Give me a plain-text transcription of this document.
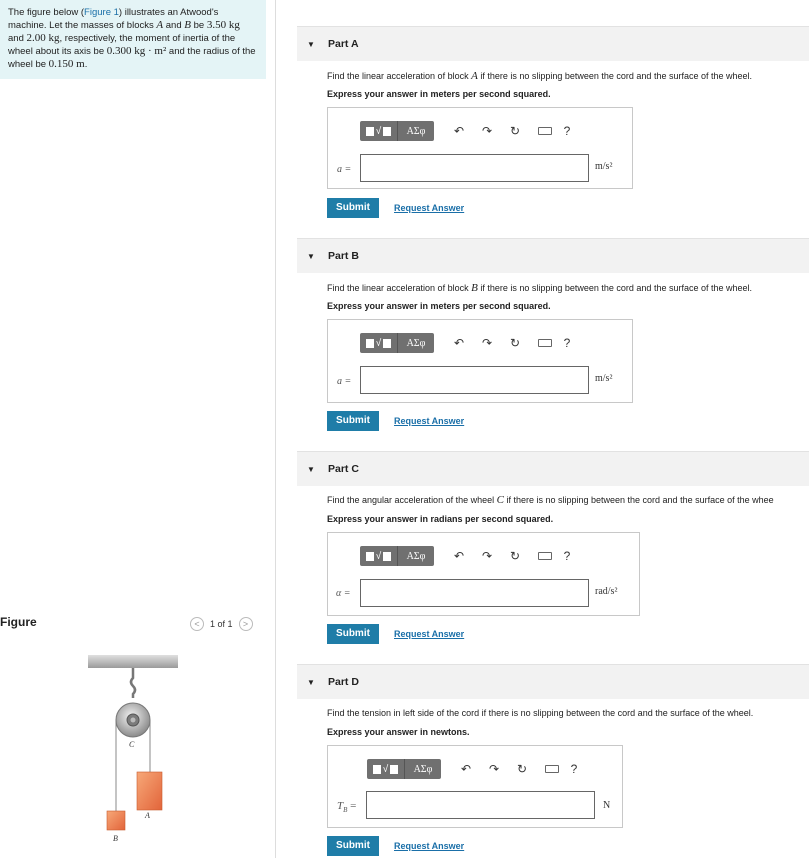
The figure below (Figure 1) illustrates an Atwood's machine. Let the masses of blocks A and B be 3.50 kg and 2.00 kg, respectively, the moment of inertia of the wheel about its axis be 0.300 kg · m² and the radius of the wheel be 0.150 m.
Figure	<	1 of 1	>
C
A
B
▼ Part A
Find the linear acceleration of block A if there is no slipping between the cord and the surface of the wheel.
Express your answer in meters per second squared.
√	ΑΣφ	↶ ↷ ↻	?
a =	m/s²
Submit	Request Answer
▼ Part B
Find the linear acceleration of block B if there is no slipping between the cord and the surface of the wheel.
Express your answer in meters per second squared.
√	ΑΣφ	↶ ↷ ↻	?
a =	m/s²
Submit	Request Answer
▼ Part C
Find the angular acceleration of the wheel C if there is no slipping between the cord and the surface of the whee
Express your answer in radians per second squared.
√	ΑΣφ	↶ ↷ ↻	?
α =	rad/s²
Submit	Request Answer
▼ Part D
Find the tension in left side of the cord if there is no slipping between the cord and the surface of the wheel.
Express your answer in newtons.
√	ΑΣφ	↶ ↷ ↻	?
$T_B$ =	N
Submit	Request Answer
